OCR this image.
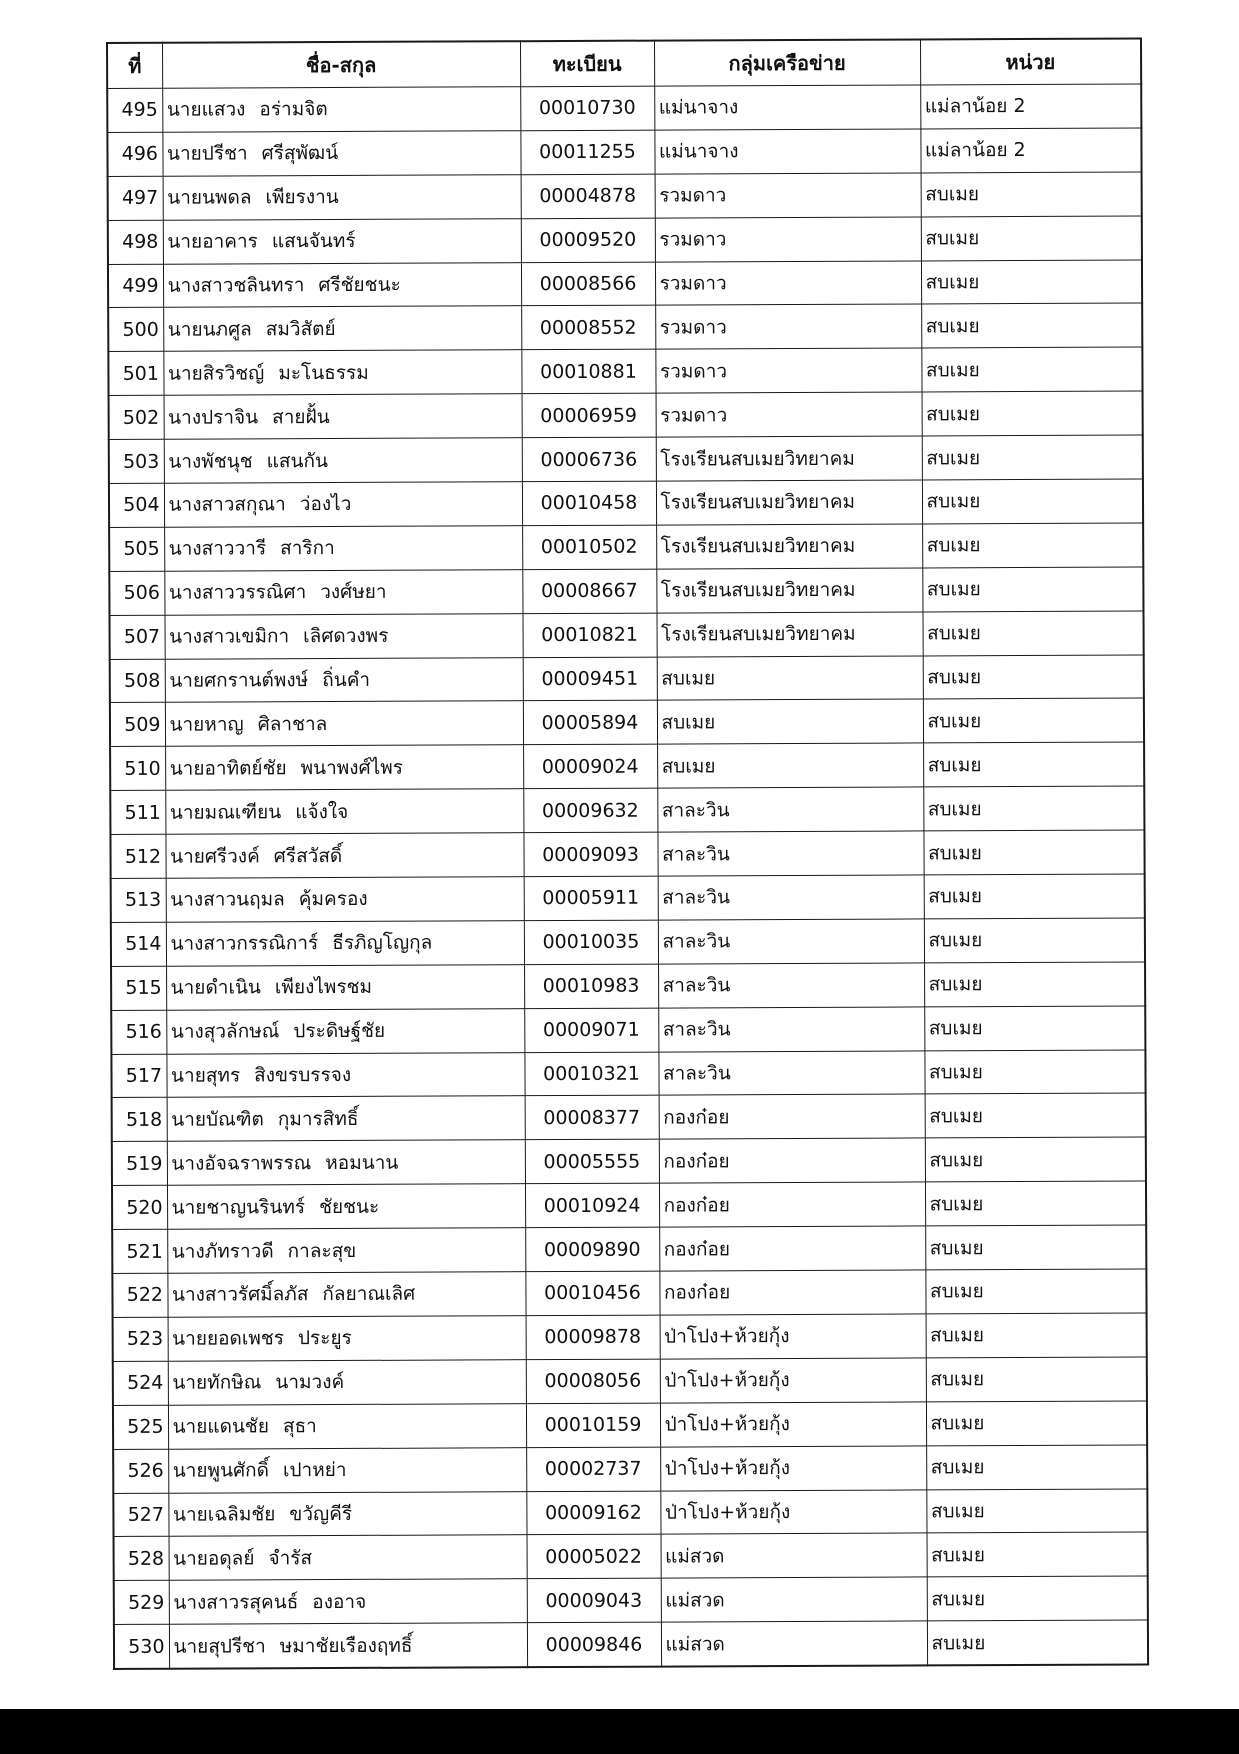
ที่	ชื่อ-สกุล	ทะเบียน	กลุ่มเครือข่าย	หน่วย
495	นายแสวง อร่ามจิต	00010730	แม่นาจาง	แม่ลาน้อย 2
496	นายปรีชา ศรีสุพัฒน์	00011255	แม่นาจาง	แม่ลาน้อย 2
497	นายนพดล เพียรงาน	00004878	รวมดาว	สบเมย
498	นายอาคาร แสนจันทร์	00009520	รวมดาว	สบเมย
499	นางสาวชลินทรา ศรีชัยชนะ	00008566	รวมดาว	สบเมย
500	นายนภศูล สมวิสัตย์	00008552	รวมดาว	สบเมย
501	นายสิรวิชญ์ มะโนธรรม	00010881	รวมดาว	สบเมย
502	นางปราจิน สายฝั้น	00006959	รวมดาว	สบเมย
503	นางพัชนุช แสนกัน	00006736	โรงเรียนสบเมยวิทยาคม	สบเมย
504	นางสาวสกุณา ว่องไว	00010458	โรงเรียนสบเมยวิทยาคม	สบเมย
505	นางสาววารี สาริกา	00010502	โรงเรียนสบเมยวิทยาคม	สบเมย
506	นางสาววรรณิศา วงศ์ษยา	00008667	โรงเรียนสบเมยวิทยาคม	สบเมย
507	นางสาวเขมิกา เลิศดวงพร	00010821	โรงเรียนสบเมยวิทยาคม	สบเมย
508	นายศกรานต์พงษ์ ถิ่นคำ	00009451	สบเมย	สบเมย
509	นายหาญ ศิลาชาล	00005894	สบเมย	สบเมย
510	นายอาทิตย์ชัย พนาพงศ์ไพร	00009024	สบเมย	สบเมย
511	นายมณเฑียน แจ้งใจ	00009632	สาละวิน	สบเมย
512	นายศรีวงค์ ศรีสวัสดิ์	00009093	สาละวิน	สบเมย
513	นางสาวนฤมล คุ้มครอง	00005911	สาละวิน	สบเมย
514	นางสาวกรรณิการ์ ธีรภิญโญกุล	00010035	สาละวิน	สบเมย
515	นายดำเนิน เพียงไพรชม	00010983	สาละวิน	สบเมย
516	นางสุวลักษณ์ ประดิษฐ์ชัย	00009071	สาละวิน	สบเมย
517	นายสุทร สิงขรบรรจง	00010321	สาละวิน	สบเมย
518	นายบัณฑิต กุมารสิทธิ์	00008377	กองก๋อย	สบเมย
519	นางอัจฉราพรรณ หอมนาน	00005555	กองก๋อย	สบเมย
520	นายชาญนรินทร์ ชัยชนะ	00010924	กองก๋อย	สบเมย
521	นางภัทราวดี กาละสุข	00009890	กองก๋อย	สบเมย
522	นางสาวรัศมิ์ลภัส กัลยาณเลิศ	00010456	กองก๋อย	สบเมย
523	นายยอดเพชร ประยูร	00009878	ป่าโปง+ห้วยกุ้ง	สบเมย
524	นายทักษิณ นามวงค์	00008056	ป่าโปง+ห้วยกุ้ง	สบเมย
525	นายแดนชัย สุธา	00010159	ป่าโปง+ห้วยกุ้ง	สบเมย
526	นายพูนศักดิ์ เปาหย่า	00002737	ป่าโปง+ห้วยกุ้ง	สบเมย
527	นายเฉลิมชัย ขวัญคีรี	00009162	ป่าโปง+ห้วยกุ้ง	สบเมย
528	นายอดุลย์ จำรัส	00005022	แม่สวด	สบเมย
529	นางสาวรสุคนธ์ องอาจ	00009043	แม่สวด	สบเมย
530	นายสุปรีชา ษมาชัยเรืองฤทธิ์	00009846	แม่สวด	สบเมย
